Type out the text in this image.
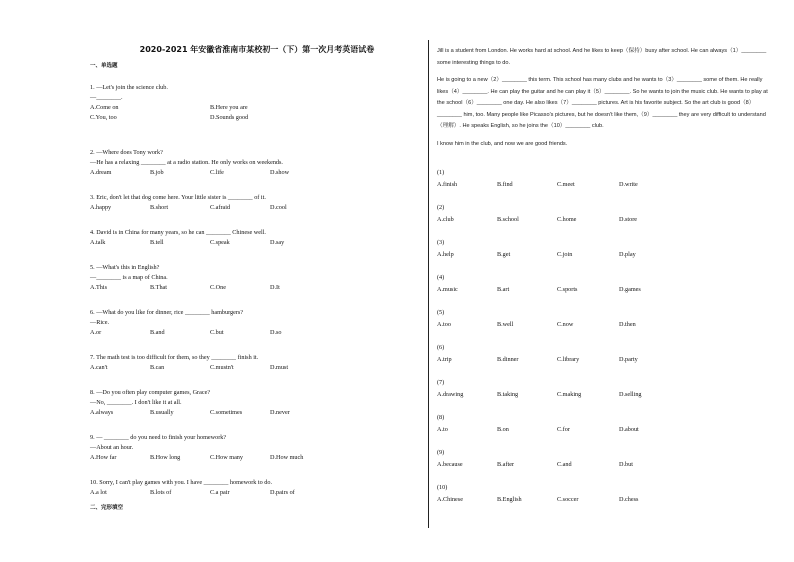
2020-2021 年安徽省淮南市某校初一（下）第一次月考英语试卷
一、单选题
1. —Let's join the science club.
—________.
A.Come on	B.Here you are
C.You, too	D.Sounds good
2. —Where does Tony work?
—He has a relaxing ________ at a radio station. He only works on weekends.
A.dream	B.job	C.life	D.show
3. Eric, don't let that dog come here. Your little sister is ________ of it.
A.happy	B.short	C.afraid	D.cool
4. David is in China for many years, so he can ________ Chinese well.
A.talk	B.tell	C.speak	D.say
5. —What's this in English?
—________ is a map of China.
A.This	B.That	C.One	D.It
6. —What do you like for dinner, rice ________ hamburgers?
—Rice.
A.or	B.and	C.but	D.so
7. The math test is too difficult for them, so they ________ finish it.
A.can't	B.can	C.mustn't	D.must
8. —Do you often play computer games, Grace?
—No, ________. I don't like it at all.
A.always	B.usually	C.sometimes	D.never
9. — ________ do you need to finish your homework?
—About an hour.
A.How far	B.How long	C.How many	D.How much
10. Sorry, I can't play games with you. I have ________ homework to do.
A.a lot	B.lots of	C.a pair	D.pairs of
二、完形填空

Jill is a student from London. He works hard at school. And he likes to keep（保持）busy after school. He can always（1）________ some interesting things to do.

He is going to a new（2）________ this term. This school has many clubs and he wants to（3）________ some of them. He really likes（4）________. He can play the guitar and he can play it（5）________. So he wants to join the music club. He wants to play at the school（6）________ one day. He also likes（7）________ pictures. Art is his favorite subject. So the art club is good（8）________ him, too. Many people like Picasso's pictures, but he doesn't like them,（9）________ they are very difficult to understand（理解）. He speaks English, so he joins the（10）________ club.

I know him in the club, and now we are good friends.

(1)
A.finish	B.find	C.meet	D.write
(2)
A.club	B.school	C.home	D.store
(3)
A.help	B.get	C.join	D.play
(4)
A.music	B.art	C.sports	D.games
(5)
A.too	B.well	C.now	D.then
(6)
A.trip	B.dinner	C.library	D.party
(7)
A.drawing	B.taking	C.making	D.selling
(8)
A.to	B.on	C.for	D.about
(9)
A.because	B.after	C.and	D.but
(10)
A.Chinese	B.English	C.soccer	D.chess
